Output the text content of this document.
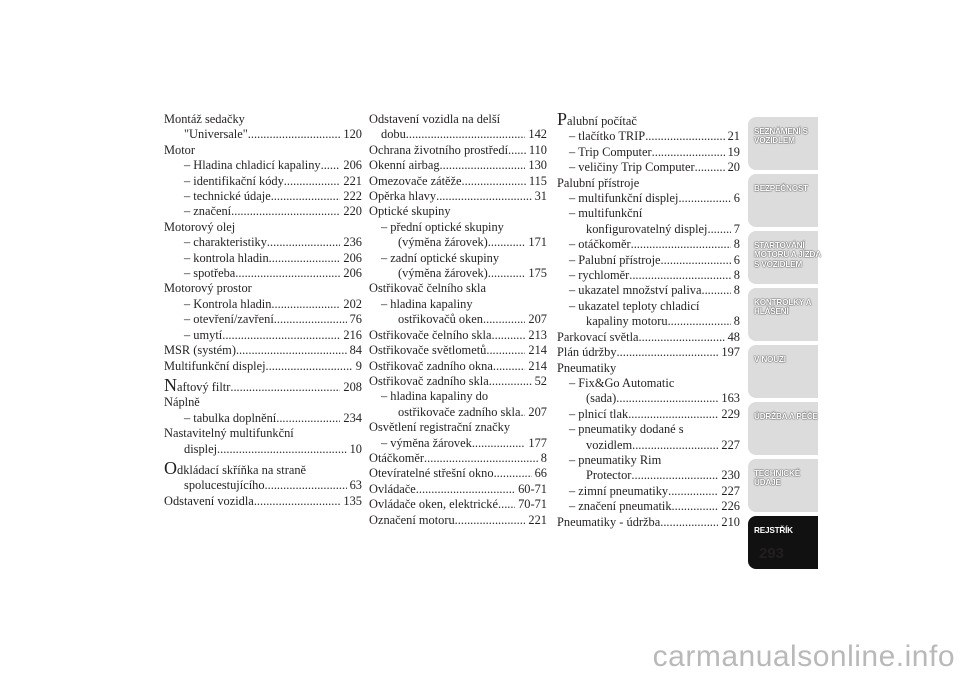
Montáž sedačky
"Universale" .....	120
Motor
– Hladina chladicí kapaliny ..... 206
– identifikační kódy .....	221
– technické údaje .....	222
– značení .....	220
Motorový olej
– charakteristiky .....	236
– kontrola hladin .....	206
– spotřeba .....	206
Motorový prostor
– Kontrola hladin .....	202
– otevření/zavření .....	76
– umytí .....	216
MSR (systém) .....	84
Multifunkční displej .....	9
Naftový filtr .....	208
Náplně
– tabulka doplnění .....	234
Nastavitelný multifunkční
displej .....	10
Odkládací skříňka na straně
spolucestujícího .....	63
Odstavení vozidla .....	135
Odstavení vozidla na delší
dobu .....	142
Ochrana životního prostředí ..... 110
Okenní airbag .....	130
Omezovače zátěže .....	115
Opěrka hlavy .....	31
Optické skupiny
– přední optické skupiny
(výměna žárovek) .....	171
– zadní optické skupiny
(výměna žárovek) .....	175
Ostřikovač čelního skla
– hladina kapaliny
ostřikovačů oken .....	207
Ostřikovače čelního skla .....	213
Ostřikovače světlometů .....	214
Ostřikovač zadního okna .....	214
Ostřikovač zadního skla .....	52
– hladina kapaliny do
ostřikovače zadního skla ..... 207
Osvětlení registrační značky
– výměna žárovek .....	177
Otáčkoměr .....	8
Otevíratelné střešní okno .....	66
Ovládače .....	60-71
Ovládače oken, elektrické ..... 70-71
Označení motoru .....	221
Palubní počítač
– tlačítko TRIP .....	21
– Trip Computer .....	19
– veličiny Trip Computer .....	20
Palubní přístroje
– multifunkční displej .....	6
– multifunkční
konfigurovatelný displej ..... 7
– otáčkoměr .....	8
– Palubní přístroje .....	6
– rychloměr .....	8
– ukazatel množství paliva .....	8
– ukazatel teploty chladicí
kapaliny motoru .....	8
Parkovací světla .....	48
Plán údržby .....	197
Pneumatiky
– Fix&Go Automatic
(sada) .....	163
– plnicí tlak .....	229
– pneumatiky dodané s
vozidlem .....	227
– pneumatiky Rim
Protector .....	230
– zimní pneumatiky .....	227
– značení pneumatik .....	226
Pneumatiky - údržba .....	210
SEZNÁMENÍ S
VOZIDLEM
BEZPEČNOST
STARTOVÁNÍ
MOTORU A JÍZDA
S VOZIDLEM
KONTROLKY A
HLÁŠENÍ
V NOUZI
ÚDRŽBA A PÉČE
TECHNICKÉ
ÚDAJE
REJSTŘÍK
293
carmanualsonline.info
